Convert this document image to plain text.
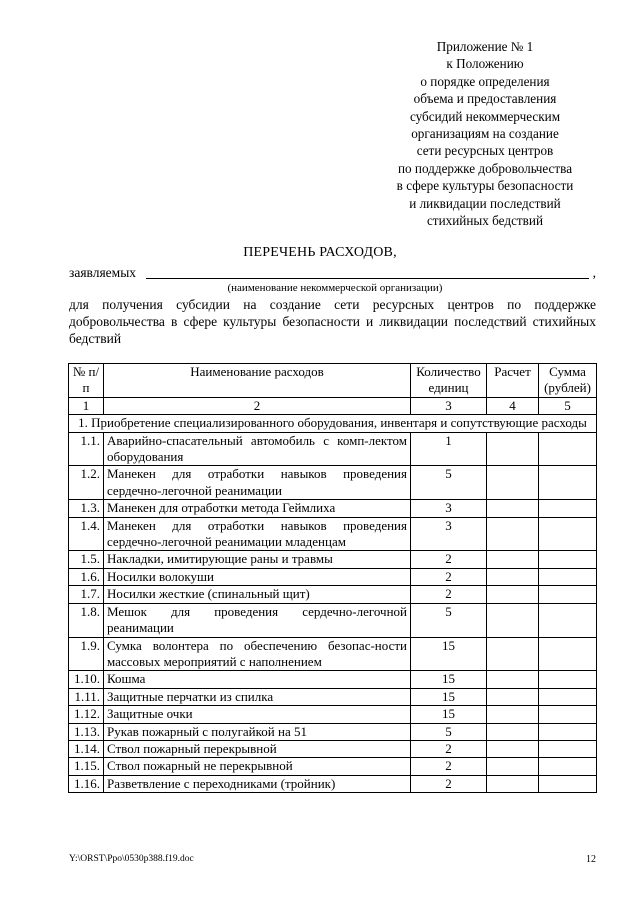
Приложение № 1
к Положению
о порядке определения
объема и предоставления
субсидий некоммерческим
организациям на создание
сети ресурсных центров
по поддержке добровольчества
в сфере культуры безопасности
и ликвидации последствий
стихийных бедствий
ПЕРЕЧЕНЬ РАСХОДОВ,
заявляемых	,
(наименование некоммерческой организации)
для получения субсидии на создание сети ресурсных центров по поддержке добровольчества в сфере культуры безопасности и ликвидации последствий стихийных бедствий
№ п/п	Наименование расходов	Количество единиц	Расчет	Сумма (рублей)
1	2	3	4	5
1. Приобретение специализированного оборудования, инвентаря и сопутствующие расходы				
1.1.	Аварийно-спасательный автомобиль с комп-лектом оборудования	1		
1.2.	Манекен для отработки навыков проведения сердечно-легочной реанимации	5		
1.3.	Манекен для отработки метода Геймлиха	3		
1.4.	Манекен для отработки навыков проведения сердечно-легочной реанимации младенцам	3		
1.5.	Накладки, имитирующие раны и травмы	2		
1.6.	Носилки волокуши	2		
1.7.	Носилки жесткие (спинальный щит)	2		
1.8.	Мешок для проведения сердечно-легочной реанимации	5		
1.9.	Сумка волонтера по обеспечению безопас-ности массовых мероприятий с наполнением	15		
1.10.	Кошма	15		
1.11.	Защитные перчатки из спилка	15		
1.12.	Защитные очки	15		
1.13.	Рукав пожарный с полугайкой на 51	5		
1.14.	Ствол пожарный перекрывной	2		
1.15.	Ствол пожарный не перекрывной	2		
1.16.	Разветвление с переходниками (тройник)	2		
Y:\ORST\Ppo\0530p388.f19.doc	12
